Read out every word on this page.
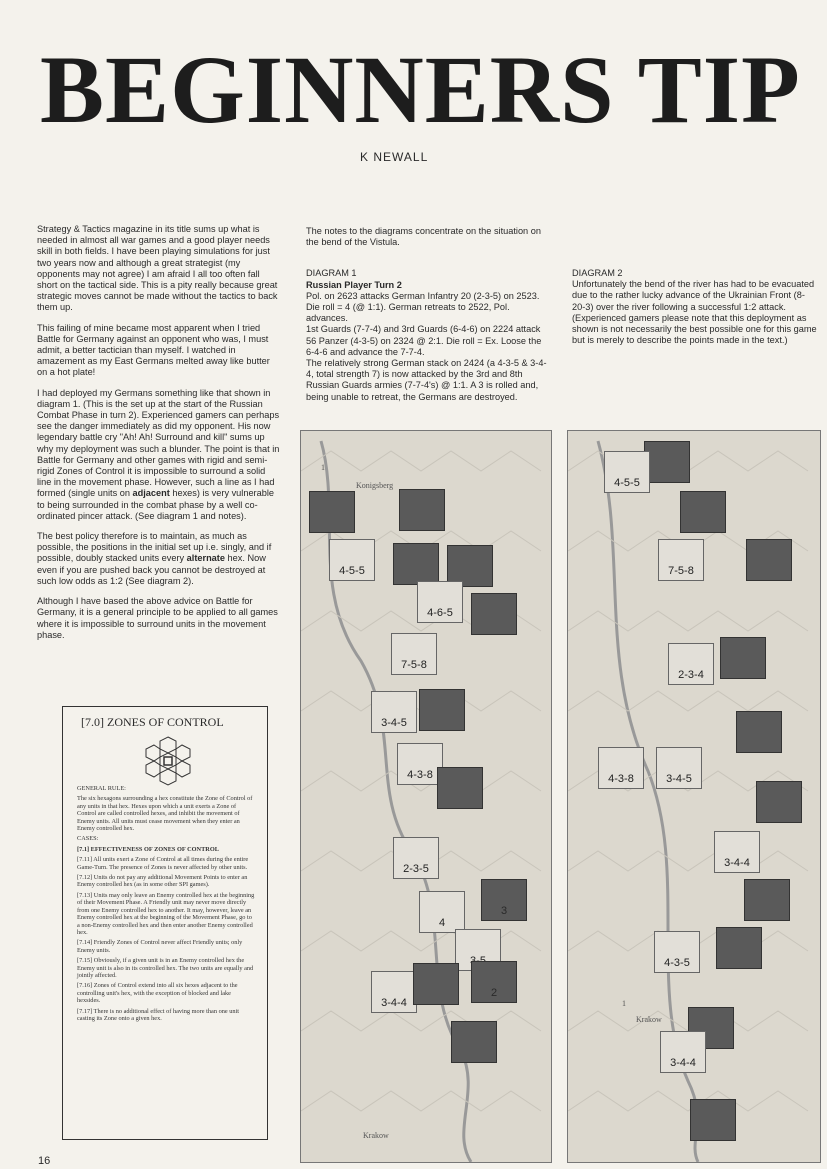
BEGINNERS TIP
K NEWALL

Strategy & Tactics magazine in its title sums up what is needed in almost all war games and a good player needs skill in both fields. I have been playing simulations for just two years now and although a great strategist (my opponents may not agree) I am afraid I all too often fall short on the tactical side. This is a pity really because great strategic moves cannot be made without the tactics to back them up.

This failing of mine became most apparent when I tried Battle for Germany against an opponent who was, I must admit, a better tactician than myself. I watched in amazement as my East Germans melted away like butter on a hot plate!

I had deployed my Germans something like that shown in diagram 1. (This is the set up at the start of the Russian Combat Phase in turn 2). Experienced gamers can perhaps see the danger immediately as did my opponent. His now legendary battle cry "Ah! Ah! Surround and kill" sums up why my deployment was such a blunder. The point is that in Battle for Germany and other games with rigid and semi-rigid Zones of Control it is impossible to surround a solid line in the movement phase. However, such a line as I had formed (single units on adjacent hexes) is very vulnerable to being surrounded in the combat phase by a well co-ordinated pincer attack. (See diagram 1 and notes).

The best policy therefore is to maintain, as much as possible, the positions in the initial set up i.e. singly, and if possible, doubly stacked units every alternate hex. Now even if you are pushed back you cannot be destroyed at such low odds as 1:2 (See diagram 2).

Although I have based the above advice on Battle for Germany, it is a general principle to be applied to all games where it is impossible to surround units in the movement phase.

The notes to the diagrams concentrate on the situation on the bend of the Vistula.

DIAGRAM 1
Russian Player Turn 2
Pol. on 2623 attacks German Infantry 20 (2-3-5) on 2523. Die roll = 4 (@ 1:1). German retreats to 2522, Pol. advances.
1st Guards (7-7-4) and 3rd Guards (6-4-6) on 2224 attack 56 Panzer (4-3-5) on 2324 @ 2:1. Die roll = Ex. Loose the 6-4-6 and advance the 7-7-4.
The relatively strong German stack on 2424 (a 4-3-5 & 3-4-4, total strength 7) is now attacked by the 3rd and 8th Russian Guards armies (7-7-4's) @ 1:1. A 3 is rolled and, being unable to retreat, the Germans are destroyed.
DIAGRAM 2
Unfortunately the bend of the river has had to be evacuated due to the rather lucky advance of the Ukrainian Front (8-20-3) over the river following a successful 1:2 attack.
(Experienced gamers please note that this deployment as shown is not necessarily the best possible one for this game but is merely to describe the points made in the text.)
[7.0] ZONES OF CONTROL
GENERAL RULE:
The six hexagons surrounding a hex constitute the Zone of Control of any units in that hex. Hexes upon which a unit exerts a Zone of Control are called controlled hexes, and inhibit the movement of Enemy units. All units must cease movement when they enter an Enemy controlled hex.
CASES:
[7.1] EFFECTIVENESS OF ZONES OF CONTROL
[7.11] All units exert a Zone of Control at all times during the entire Game-Turn. The presence of Zones is never affected by other units.
[7.12] Units do not pay any additional Movement Points to enter an Enemy controlled hex (as in some other SPI games).
[7.13] Units may only leave an Enemy controlled hex at the beginning of their Movement Phase. A Friendly unit may never move directly from one Enemy controlled hex to another. It may, however, leave an Enemy controlled hex at the beginning of the Movement Phase, go to a non-Enemy controlled hex and then enter another Enemy controlled hex.
[7.14] Friendly Zones of Control never affect Friendly units; only Enemy units.
[7.15] Obviously, if a given unit is in an Enemy controlled hex the Enemy unit is also in its controlled hex. The two units are equally and jointly affected.
[7.16] Zones of Control extend into all six hexes adjacent to the controlling unit's hex, with the exception of blocked and lake hexsides.
[7.17] There is no additional effect of having more than one unit casting its Zone onto a given hex.
1
Konigsberg
Krakow
4-5-5
4-6-5
7-5-8
3-4-5
4-3-8
2-3-5
4
3
2
3-4-4	1
Krakow
4-5-5
7-5-8
2-3-4
4-3-8	3-4-5
3-4-4
4-3-5
3-4-4
16
